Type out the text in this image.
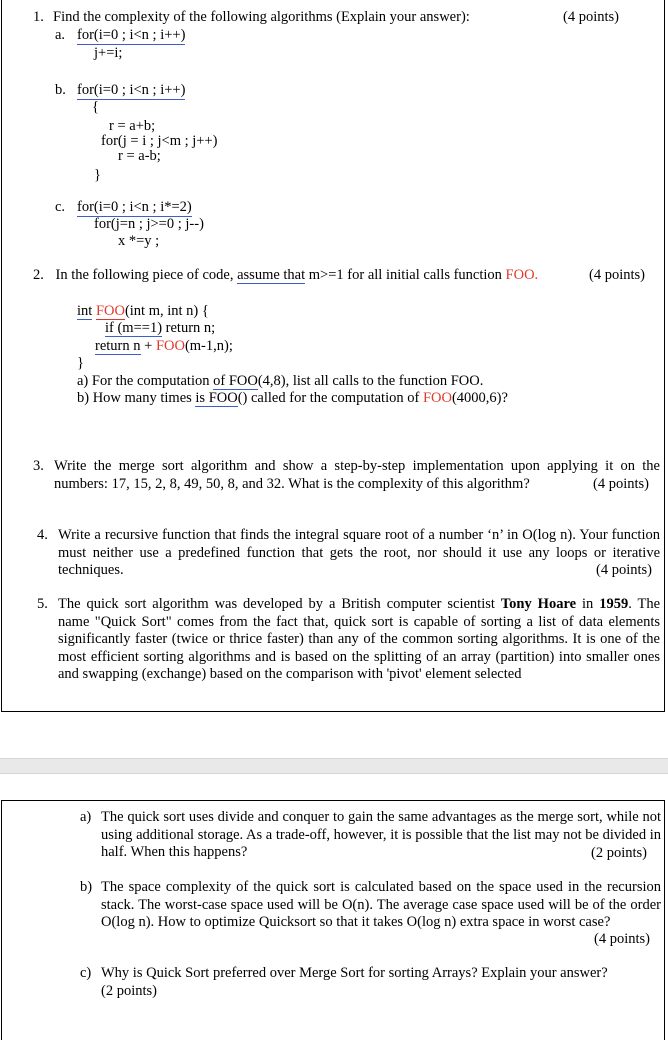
1. Find the complexity of the following algorithms (Explain your answer):	(4 points)
a. for(i=0 ; i<n ; i++)
j+=i;
b. for(i=0 ; i<n ; i++)
{
r = a+b;
for(j = i ; j<m ; j++)
r = a-b;
}
c. for(i=0 ; i<n ; i*=2)
for(j=n ; j>=0 ; j--)
x *=y ;
2. In the following piece of code, assume that m>=1 for all initial calls function FOO.	(4 points)
int FOO(int m, int n) {
if (m==1) return n;
return n + FOO(m-1,n);
}
a) For the computation of FOO(4,8), list all calls to the function FOO.
b) How many times is FOO() called for the computation of FOO(4000,6)?
3. Write the merge sort algorithm and show a step-by-step implementation upon applying it on the numbers: 17, 15, 2, 8, 49, 50, 8, and 32. What is the complexity of this algorithm?	(4 points)
4. Write a recursive function that finds the integral square root of a number ‘n’ in O(log n). Your function must neither use a predefined function that gets the root, nor should it use any loops or iterative techniques.	(4 points)
5. The quick sort algorithm was developed by a British computer scientist Tony Hoare in 1959. The name "Quick Sort" comes from the fact that, quick sort is capable of sorting a list of data elements significantly faster (twice or thrice faster) than any of the common sorting algorithms. It is one of the most efficient sorting algorithms and is based on the splitting of an array (partition) into smaller ones and swapping (exchange) based on the comparison with 'pivot' element selected
a) The quick sort uses divide and conquer to gain the same advantages as the merge sort, while not using additional storage. As a trade-off, however, it is possible that the list may not be divided in half. When this happens?	(2 points)
b) The space complexity of the quick sort is calculated based on the space used in the recursion stack. The worst-case space used will be O(n). The average case space used will be of the order O(log n). How to optimize Quicksort so that it takes O(log n) extra space in worst case?
(4 points)
c) Why is Quick Sort preferred over Merge Sort for sorting Arrays? Explain your answer?
(2 points)
